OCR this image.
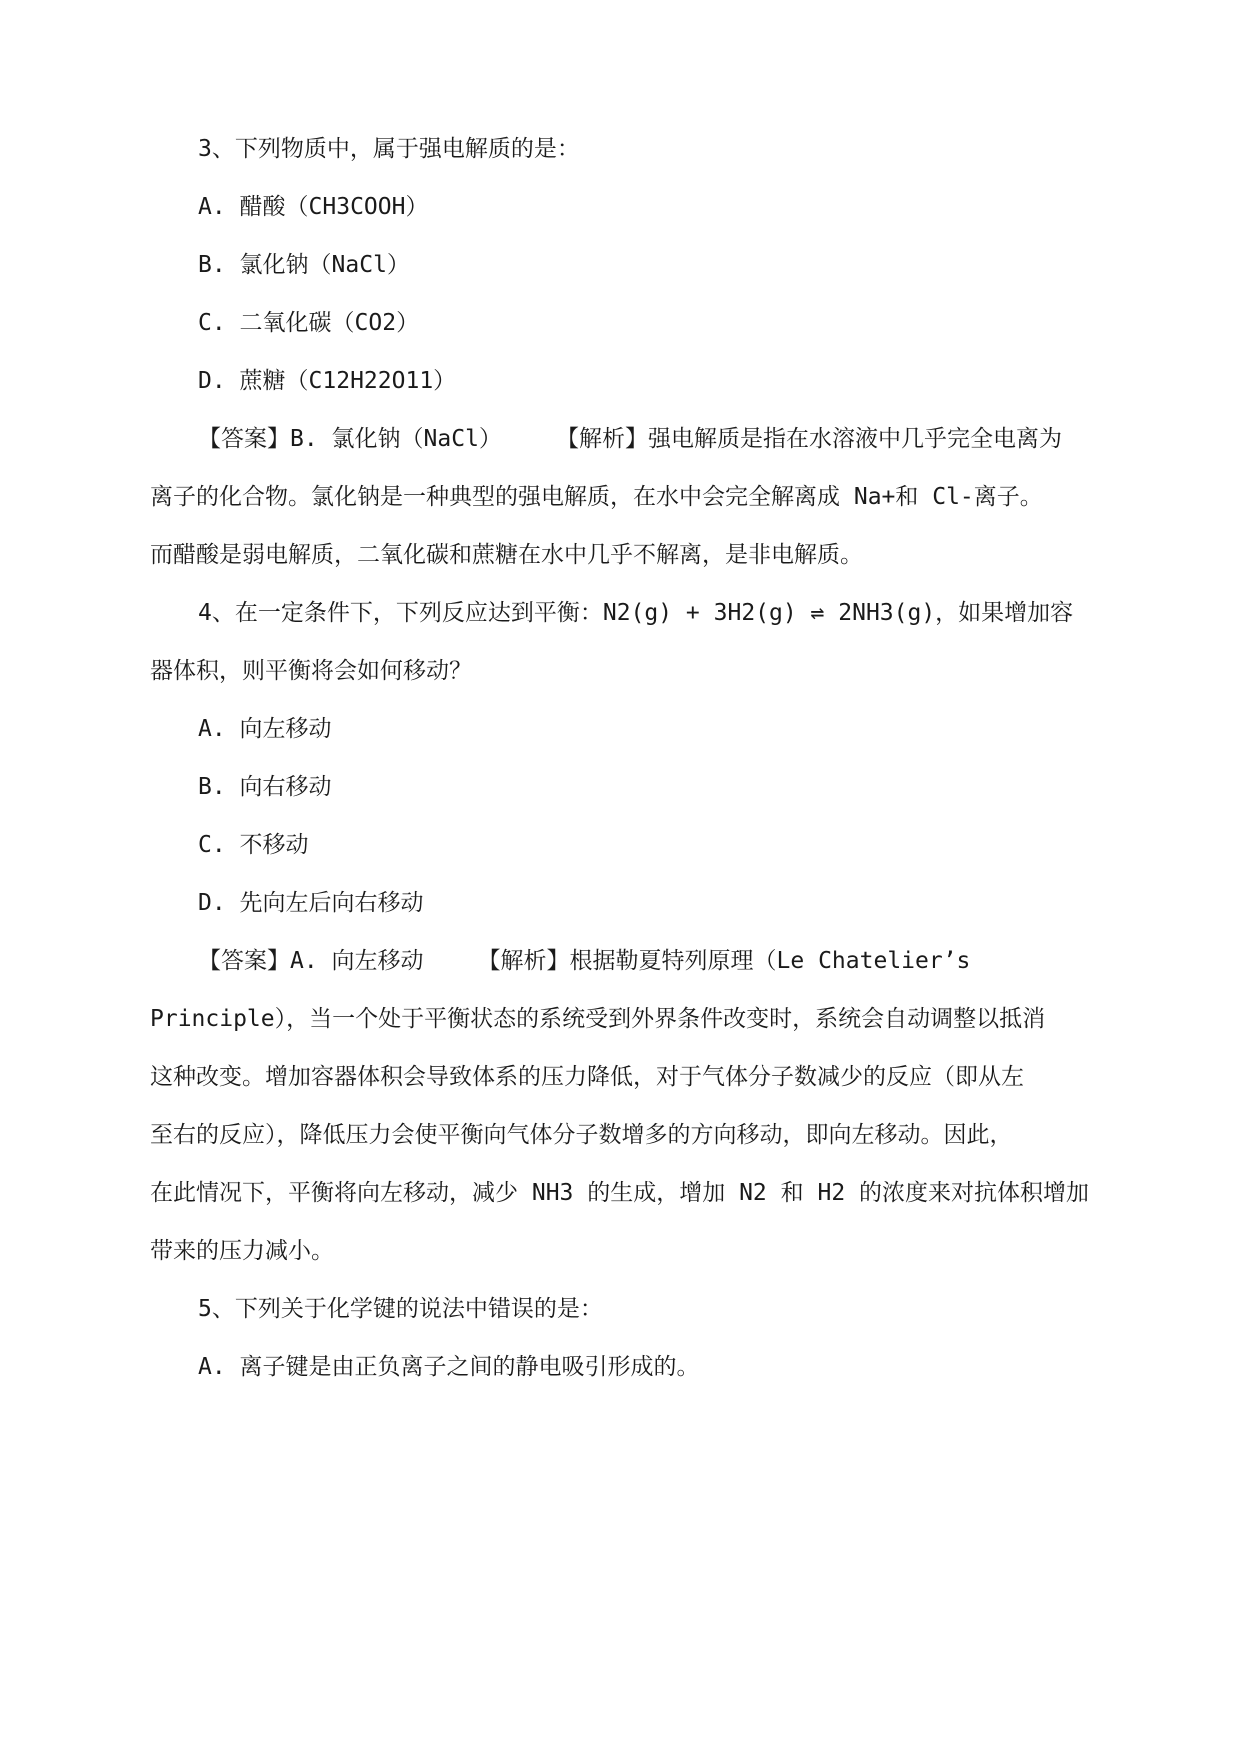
3、下列物质中，属于强电解质的是：
A. 醋酸（CH3COOH）
B. 氯化钠（NaCl）
C. 二氧化碳（CO2）
D. 蔗糖（C12H22O11）
【答案】B. 氯化钠（NaCl） 【解析】强电解质是指在水溶液中几乎完全电离为
离子的化合物。氯化钠是一种典型的强电解质，在水中会完全解离成 Na+和 Cl-离子。
而醋酸是弱电解质，二氧化碳和蔗糖在水中几乎不解离，是非电解质。
4、在一定条件下，下列反应达到平衡：N2(g) + 3H2(g) ⇌ 2NH3(g)，如果增加容
器体积，则平衡将会如何移动？
A. 向左移动
B. 向右移动
C. 不移动
D. 先向左后向右移动
【答案】A. 向左移动 【解析】根据勒夏特列原理（Le Chatelier’s
Principle），当一个处于平衡状态的系统受到外界条件改变时，系统会自动调整以抵消
这种改变。增加容器体积会导致体系的压力降低，对于气体分子数减少的反应（即从左
至右的反应），降低压力会使平衡向气体分子数增多的方向移动，即向左移动。因此，
在此情况下，平衡将向左移动，减少 NH3 的生成，增加 N2 和 H2 的浓度来对抗体积增加
带来的压力减小。
5、下列关于化学键的说法中错误的是：
A. 离子键是由正负离子之间的静电吸引形成的。
